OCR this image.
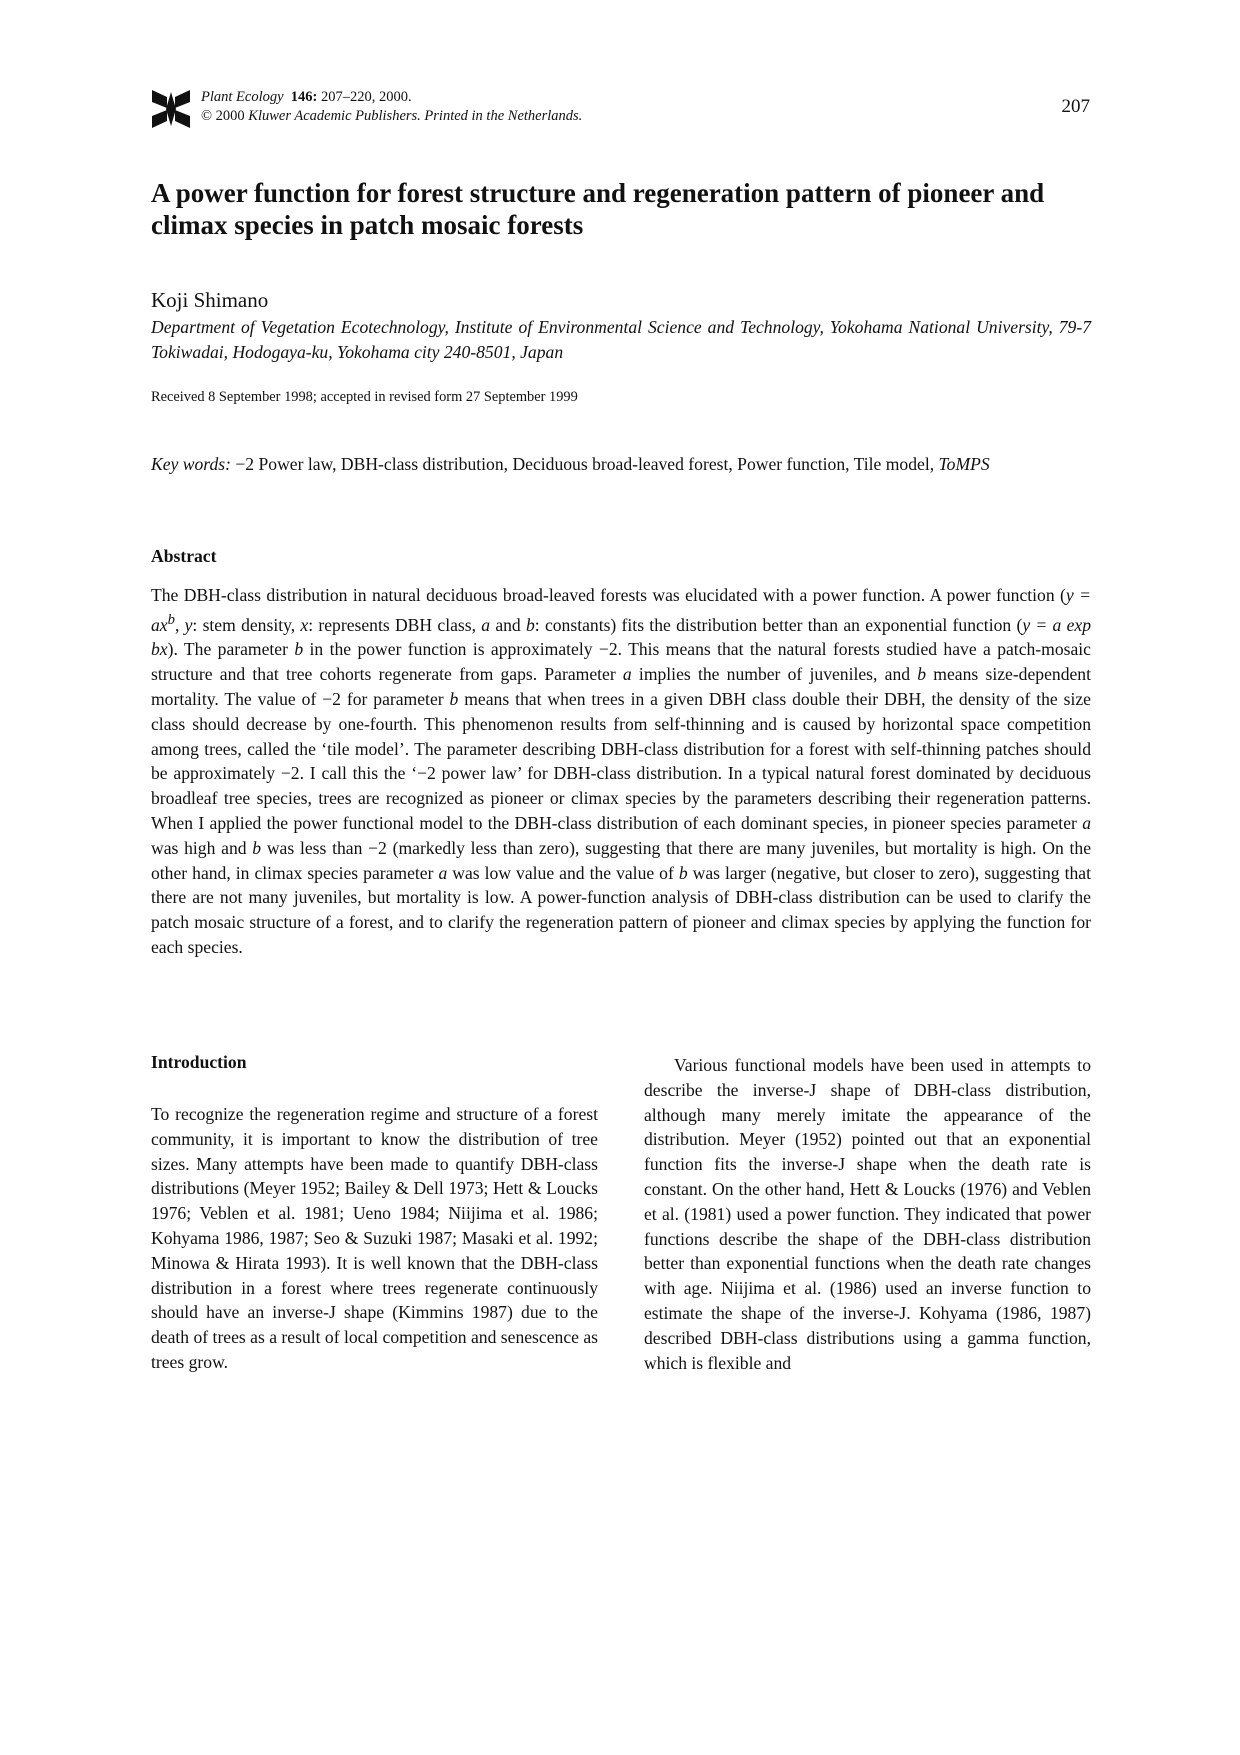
Plant Ecology 146: 207–220, 2000.
© 2000 Kluwer Academic Publishers. Printed in the Netherlands.	207
A power function for forest structure and regeneration pattern of pioneer and climax species in patch mosaic forests
Koji Shimano
Department of Vegetation Ecotechnology, Institute of Environmental Science and Technology, Yokohama National University, 79-7 Tokiwadai, Hodogaya-ku, Yokohama city 240-8501, Japan
Received 8 September 1998; accepted in revised form 27 September 1999
Key words: −2 Power law, DBH-class distribution, Deciduous broad-leaved forest, Power function, Tile model, ToMPS
Abstract

The DBH-class distribution in natural deciduous broad-leaved forests was elucidated with a power function. A power function ($y = ax^b$, y: stem density, x: represents DBH class, a and b: constants) fits the distribution better than an exponential function (y = a exp bx). The parameter b in the power function is approximately −2. This means that the natural forests studied have a patch-mosaic structure and that tree cohorts regenerate from gaps. Parameter a implies the number of juveniles, and b means size-dependent mortality. The value of −2 for parameter b means that when trees in a given DBH class double their DBH, the density of the size class should decrease by one-fourth. This phenomenon results from self-thinning and is caused by horizontal space competition among trees, called the ‘tile model’. The parameter describing DBH-class distribution for a forest with self-thinning patches should be approximately −2. I call this the ‘−2 power law’ for DBH-class distribution. In a typical natural forest dominated by deciduous broadleaf tree species, trees are recognized as pioneer or climax species by the parameters describing their regeneration patterns. When I applied the power functional model to the DBH-class distribution of each dominant species, in pioneer species parameter a was high and b was less than −2 (markedly less than zero), suggesting that there are many juveniles, but mortality is high. On the other hand, in climax species parameter a was low value and the value of b was larger (negative, but closer to zero), suggesting that there are not many juveniles, but mortality is low. A power-function analysis of DBH-class distribution can be used to clarify the patch mosaic structure of a forest, and to clarify the regeneration pattern of pioneer and climax species by applying the function for each species.

Introduction

To recognize the regeneration regime and structure of a forest community, it is important to know the distribution of tree sizes. Many attempts have been made to quantify DBH-class distributions (Meyer 1952; Bailey & Dell 1973; Hett & Loucks 1976; Veblen et al. 1981; Ueno 1984; Niijima et al. 1986; Kohyama 1986, 1987; Seo & Suzuki 1987; Masaki et al. 1992; Minowa & Hirata 1993). It is well known that the DBH-class distribution in a forest where trees regenerate continuously should have an inverse-J shape (Kimmins 1987) due to the death of trees as a result of local competition and senescence as trees grow.

Various functional models have been used in attempts to describe the inverse-J shape of DBH-class distribution, although many merely imitate the appearance of the distribution. Meyer (1952) pointed out that an exponential function fits the inverse-J shape when the death rate is constant. On the other hand, Hett & Loucks (1976) and Veblen et al. (1981) used a power function. They indicated that power functions describe the shape of the DBH-class distribution better than exponential functions when the death rate changes with age. Niijima et al. (1986) used an inverse function to estimate the shape of the inverse-J. Kohyama (1986, 1987) described DBH-class distributions using a gamma function, which is flexible and
